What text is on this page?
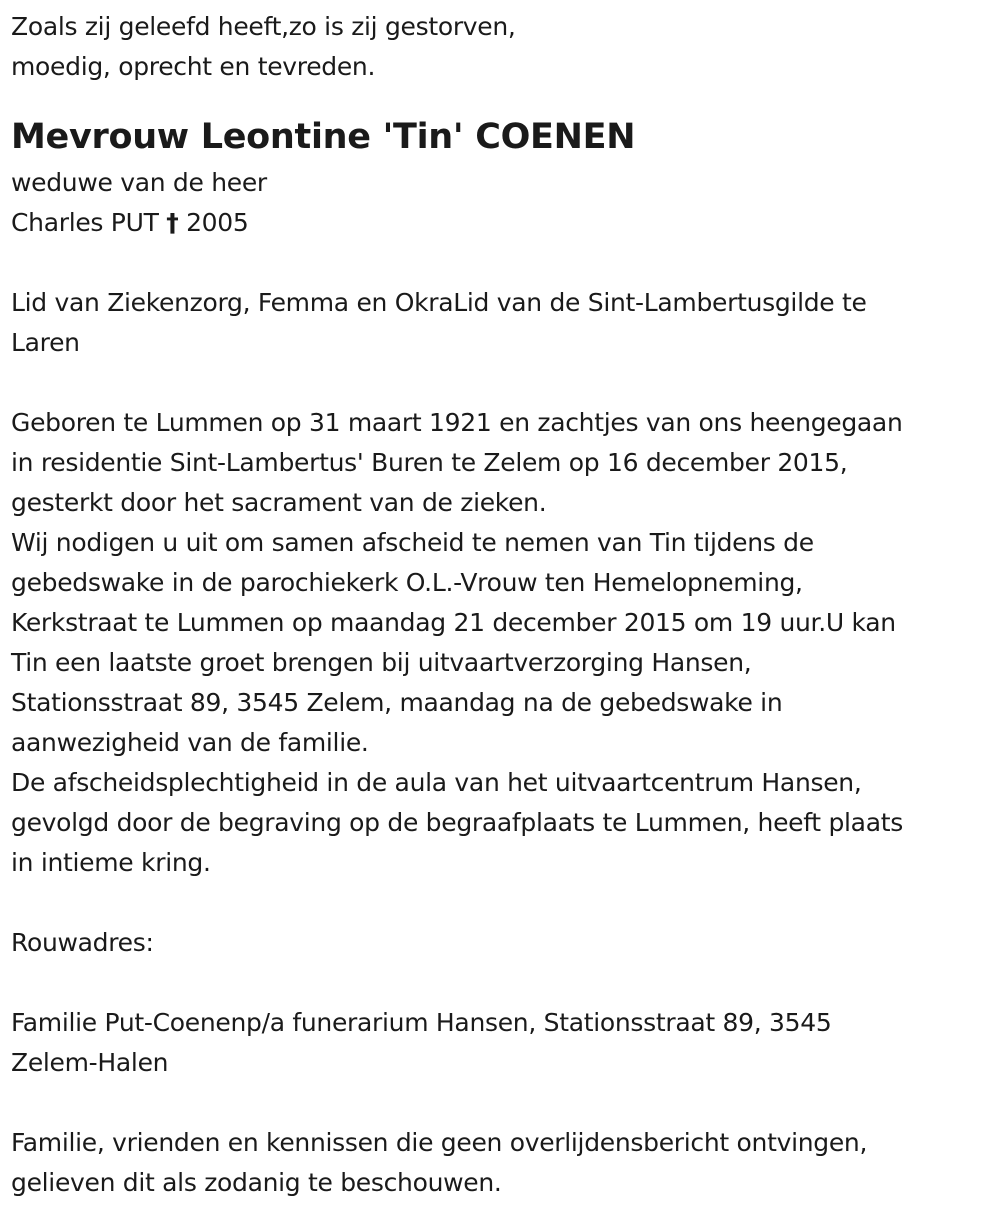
Zoals zij geleefd heeft,zo is zij gestorven,
moedig, oprecht en tevreden.
Mevrouw Leontine 'Tin' COENEN
weduwe van de heer
Charles PUT † 2005
Lid van Ziekenzorg, Femma en OkraLid van de Sint-Lambertusgilde te
Laren
Geboren te Lummen op 31 maart 1921 en zachtjes van ons heengegaan
in residentie Sint-Lambertus' Buren te Zelem op 16 december 2015,
gesterkt door het sacrament van de zieken.
Wij nodigen u uit om samen afscheid te nemen van Tin tijdens de
gebedswake in de parochiekerk O.L.-Vrouw ten Hemelopneming,
Kerkstraat te Lummen op maandag 21 december 2015 om 19 uur.U kan
Tin een laatste groet brengen bij uitvaartverzorging Hansen,
Stationsstraat 89, 3545 Zelem, maandag na de gebedswake in
aanwezigheid van de familie.
De afscheidsplechtigheid in de aula van het uitvaartcentrum Hansen,
gevolgd door de begraving op de begraafplaats te Lummen, heeft plaats
in intieme kring.
Rouwadres:
Familie Put-Coenenp/a funerarium Hansen, Stationsstraat 89, 3545
Zelem-Halen
Familie, vrienden en kennissen die geen overlijdensbericht ontvingen,
gelieven dit als zodanig te beschouwen.
